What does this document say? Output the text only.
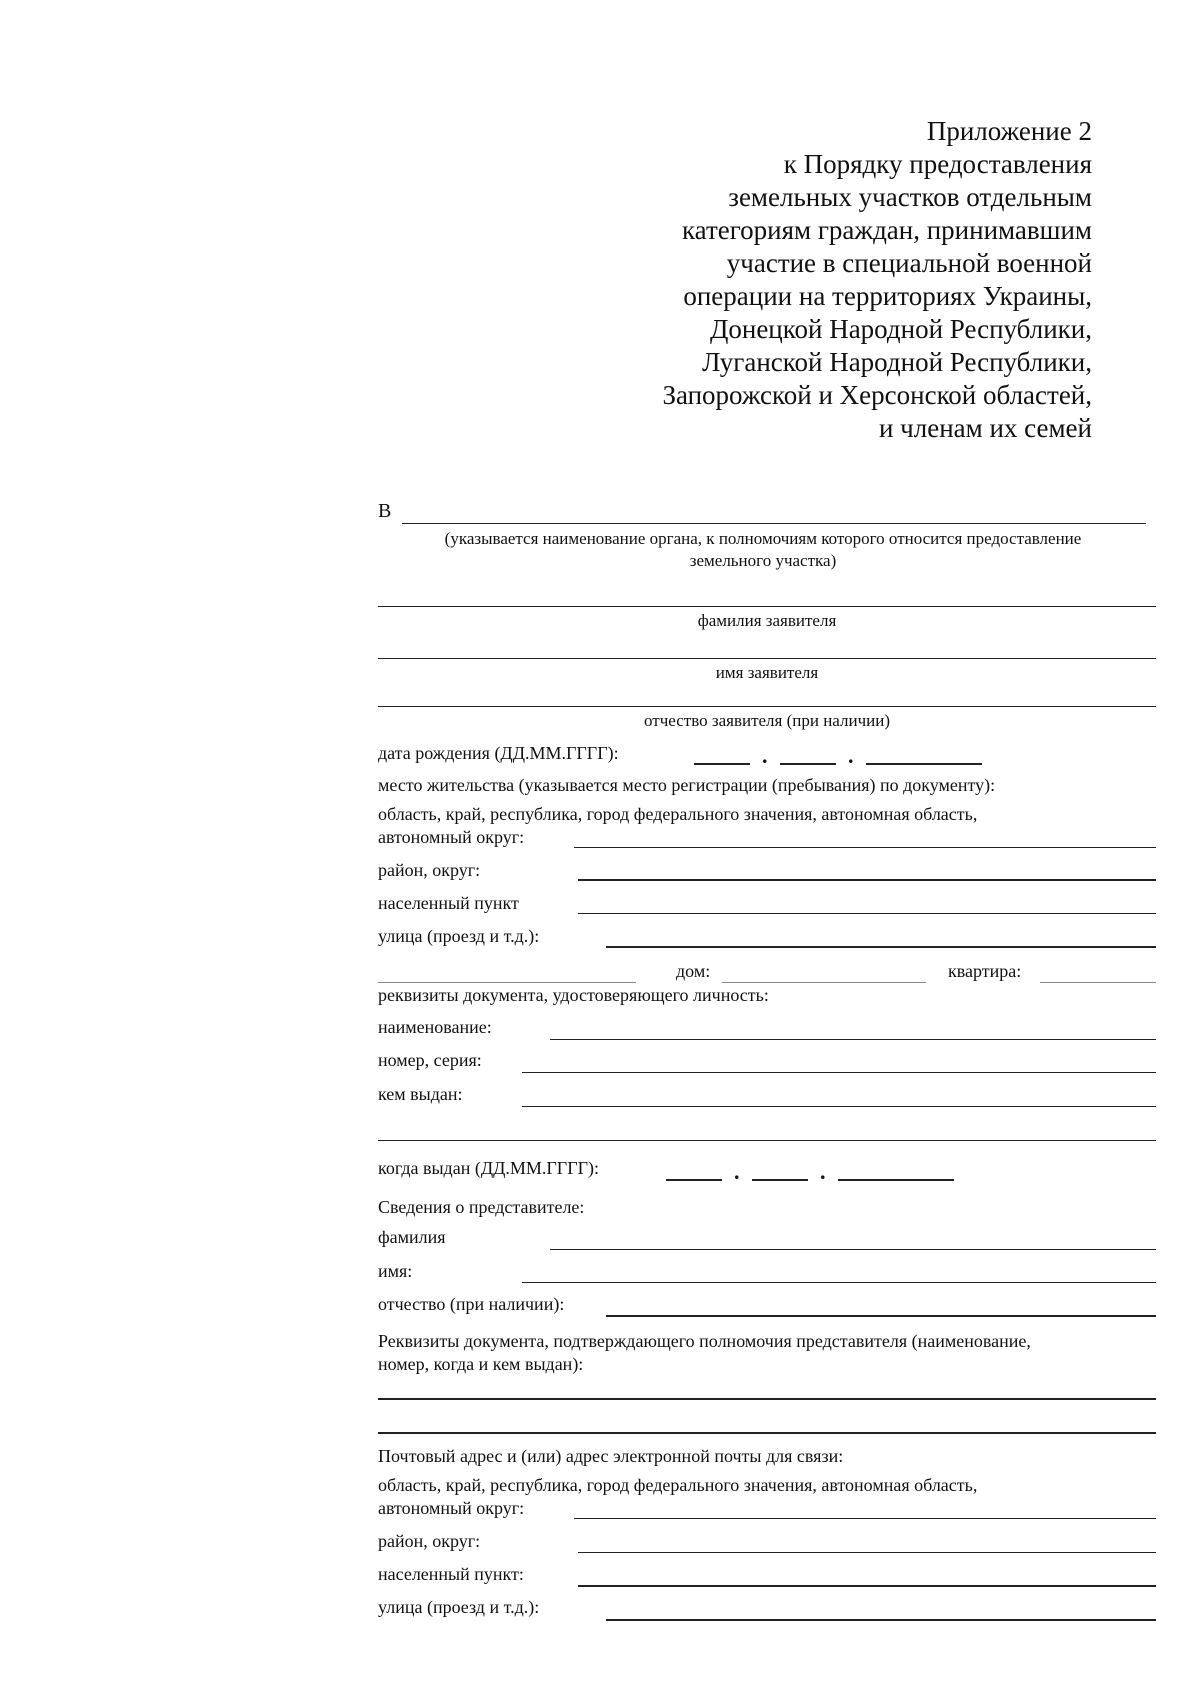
Приложение 2
к Порядку предоставления
земельных участков отдельным
категориям граждан, принимавшим
участие в специальной военной
операции на территориях Украины,
Донецкой Народной Республики,
Луганской Народной Республики,
Запорожской и Херсонской областей,
и членам их семей
В
(указывается наименование органа, к полномочиям которого относится предоставление
земельного участка)
фамилия заявителя
имя заявителя
отчество заявителя (при наличии)
дата рождения (ДД.ММ.ГГГГ):	.	.
место жительства (указывается место регистрации (пребывания) по документу):
область, край, республика, город федерального значения, автономная область,
автономный округ:
район, округ:
населенный пункт
улица (проезд и т.д.):
дом:	квартира:
реквизиты документа, удостоверяющего личность:
наименование:
номер, серия:
кем выдан:
когда выдан (ДД.ММ.ГГГГ):	.	.
Сведения о представителе:
фамилия
имя:
отчество (при наличии):
Реквизиты документа, подтверждающего полномочия представителя (наименование,
номер, когда и кем выдан):
Почтовый адрес и (или) адрес электронной почты для связи:
область, край, республика, город федерального значения, автономная область,
автономный округ:
район, округ:
населенный пункт:
улица (проезд и т.д.):
